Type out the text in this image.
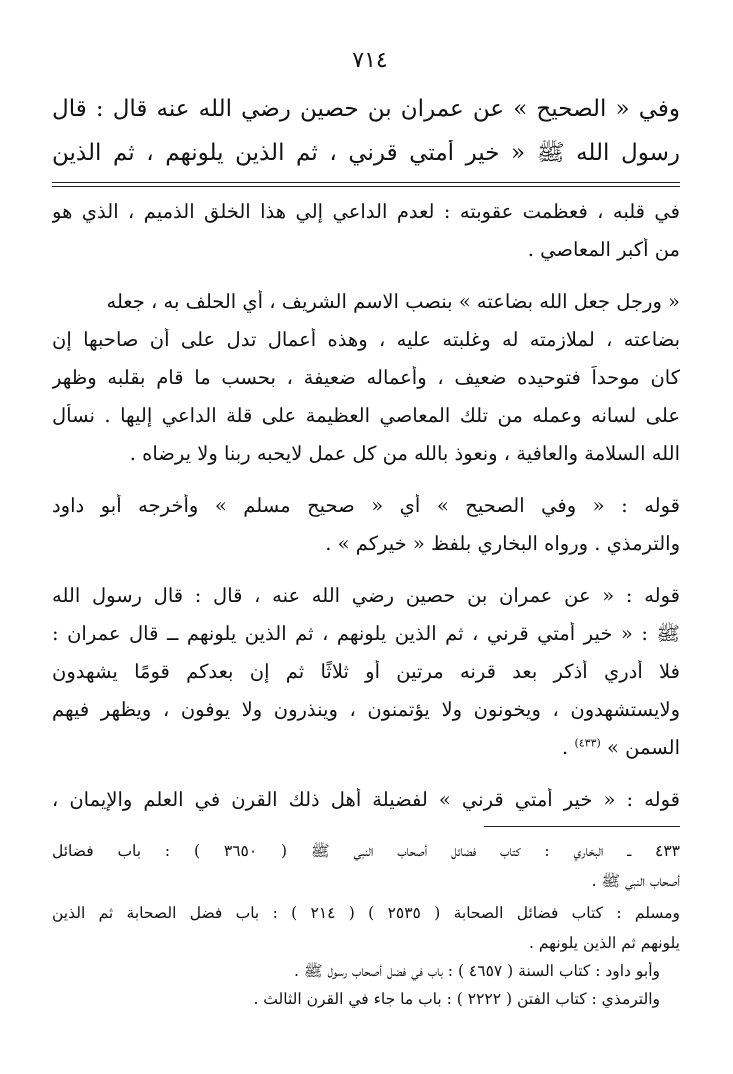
٧١٤
وفي « الصحيح » عن عمران بن حصين رضي الله عنه قال : قال
رسول الله ﷺ « خير أمتي قرني ، ثم الذين يلونهم ، ثم الذين
في قلبه ، فعظمت عقوبته : لعدم الداعي إلي هذا الخلق الذميم ، الذي هو
من أكبر المعاصي .
« ورجل جعل الله بضاعته » بنصب الاسم الشريف ، أي الحلف به ، جعله
بضاعته ، لملازمته له وغلبته عليه ، وهذه أعمال تدل على أن صاحبها إن
كان موحداً فتوحيده ضعيف ، وأعماله ضعيفة ، بحسب ما قام بقلبه وظهر
على لسانه وعمله من تلك المعاصي العظيمة على قلة الداعي إليها . نسأل
الله السلامة والعافية ، ونعوذ بالله من كل عمل لايحبه ربنا ولا يرضاه .
قوله : « وفي الصحيح » أي « صحيح مسلم » وأخرجه أبو داود
والترمذي . ورواه البخاري بلفظ « خيركم » .
قوله : « عن عمران بن حصين رضي الله عنه ، قال : قال رسول الله
ﷺ : « خير أمتي قرني ، ثم الذين يلونهم ، ثم الذين يلونهم ــ قال عمران :
فلا أدري أذكر بعد قرنه مرتين أو ثلاثًا ثم إن بعدكم قومًا يشهدون
ولايستشهدون ، ويخونون ولا يؤتمنون ، وينذرون ولا يوفون ، ويظهر فيهم
السمن » $^{(٤٣٣)}$ .
قوله : « خير أمتي قرني » لفضيلة أهل ذلك القرن في العلم والإيمان ،
٤٣٣ ــ البخاري : كتاب فضائل أصحاب النبي ﷺ ( ٣٦٥٠ ) : باب فضائل
أصحاب النبي ﷺ .
ومسلم : كتاب فضائل الصحابة ( ٢٥٣٥ ) ( ٢١٤ ) : باب فضل الصحابة ثم الذين
يلونهم ثم الذين يلونهم .
وأبو داود : كتاب السنة ( ٤٦٥٧ ) : باب في فضل أصحاب رسول ﷺ .
والترمذي : كتاب الفتن ( ٢٢٢٢ ) : باب ما جاء في القرن الثالث .
